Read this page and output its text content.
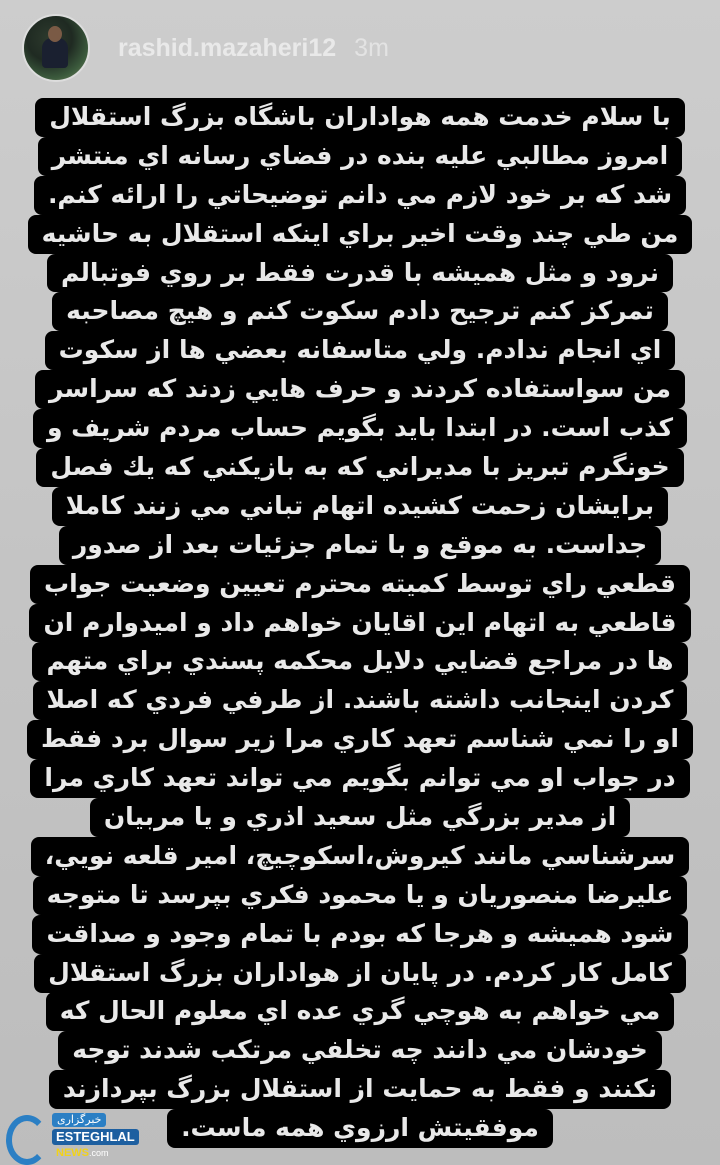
rashid.mazaheri12 3m
با سلام خدمت همه هواداران باشگاه بزرگ استقلال
امروز مطالبي عليه بنده در فضاي رسانه اي منتشر
شد كه بر خود لازم مي دانم توضيحاتي را ارائه كنم.
من طي چند وقت اخير براي اينكه استقلال به حاشيه
نرود و مثل هميشه با قدرت فقط بر روي فوتبالم
تمركز كنم ترجيح دادم سكوت كنم و هيچ مصاحبه
اي انجام ندادم. ولي متاسفانه بعضي ها از سكوت
من سواستفاده كردند و حرف هايي زدند كه سراسر
كذب است. در ابتدا بايد بگويم حساب مردم شريف و
خونگرم تبريز با مديراني كه به بازيكني كه يك فصل
برايشان زحمت كشيده اتهام تباني مي زنند كاملا
جداست. به موقع و با تمام جزئيات بعد از صدور
قطعي راي توسط كميته محترم تعيين وضعيت جواب
قاطعي به اتهام اين اقايان خواهم داد و اميدوارم ان
ها در مراجع قضايي دلايل محكمه پسندي براي متهم
كردن اينجانب داشته باشند. از طرفي فردي كه اصلا
او را نمي شناسم تعهد كاري مرا زير سوال برد فقط
در جواب او مي توانم بگويم مي تواند تعهد كاري مرا
از مدير بزرگي مثل سعيد اذري و يا مربيان
سرشناسي مانند كيروش،اسكوچيچ، امير قلعه نويي،
عليرضا منصوريان و يا محمود فكري بپرسد تا متوجه
شود هميشه و هرجا كه بودم با تمام وجود و صداقت
كامل كار كردم. در پايان از هواداران بزرگ استقلال
مي خواهم به هوچي گري عده اي معلوم الحال كه
خودشان مي دانند چه تخلفي مرتكب شدند توجه
نكنند و فقط به حمايت از استقلال بزرگ بپردازند
موفقيتش ارزوي همه ماست.
خبرگزاری
ESTEGHLAL
NEWS.com
